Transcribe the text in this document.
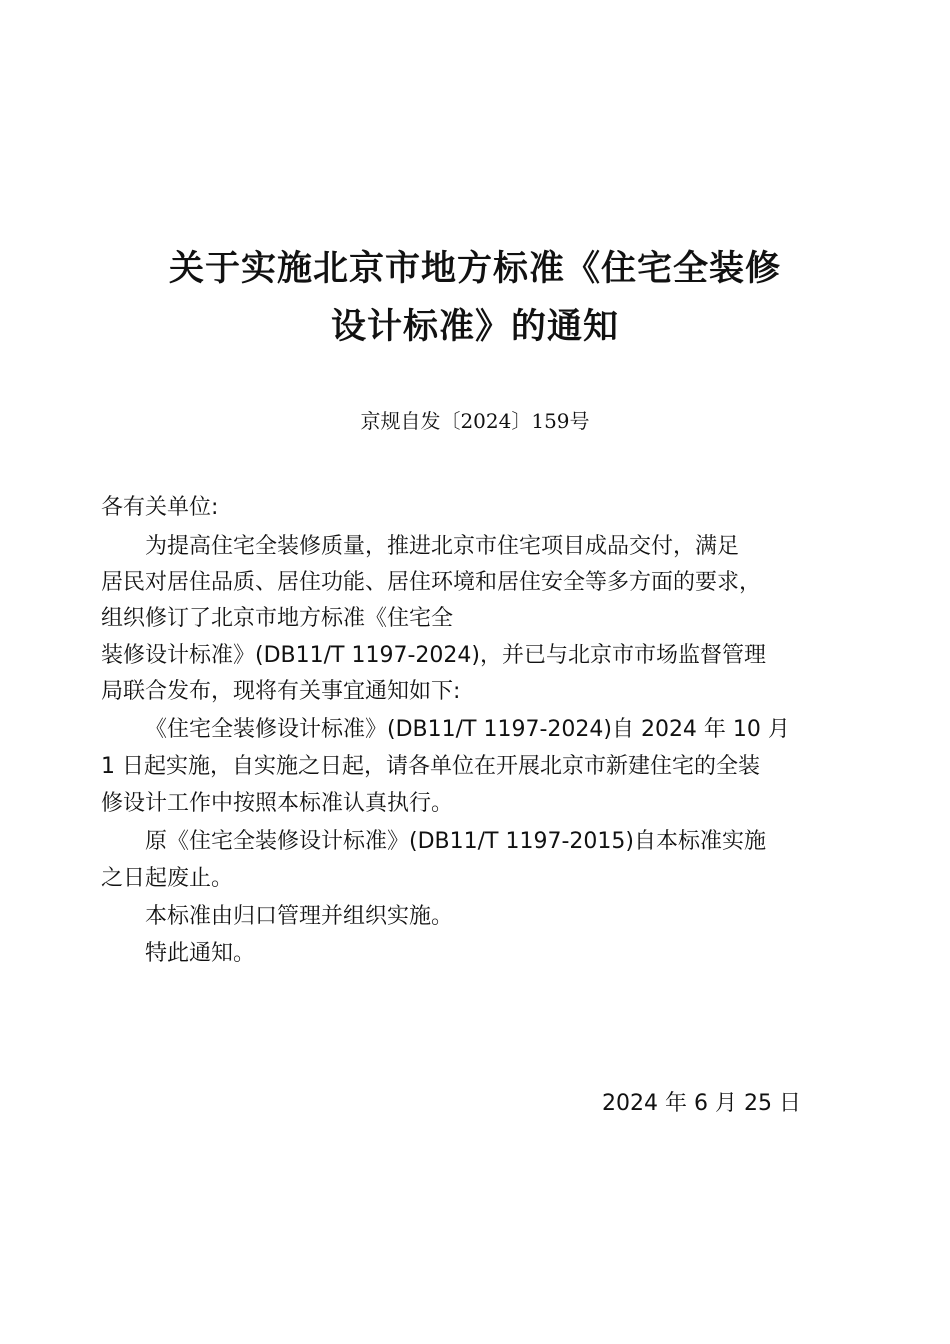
关于实施北京市地方标准《住宅全装修
设计标准》的通知
京规自发〔2024〕159号
各有关单位:
为提高住宅全装修质量，推进北京市住宅项目成品交付，满足
居民对居住品质、居住功能、居住环境和居住安全等多方面的要求，
组织修订了北京市地方标准《住宅全
装修设计标准》(DB11/T 1197-2024)，并已与北京市市场监督管理
局联合发布，现将有关事宜通知如下:
《住宅全装修设计标准》(DB11/T 1197-2024)自 2024 年 10 月
1 日起实施，自实施之日起，请各单位在开展北京市新建住宅的全装
修设计工作中按照本标准认真执行。
原《住宅全装修设计标准》(DB11/T 1197-2015)自本标准实施
之日起废止。
本标准由归口管理并组织实施。
特此通知。
2024 年 6 月 25 日
